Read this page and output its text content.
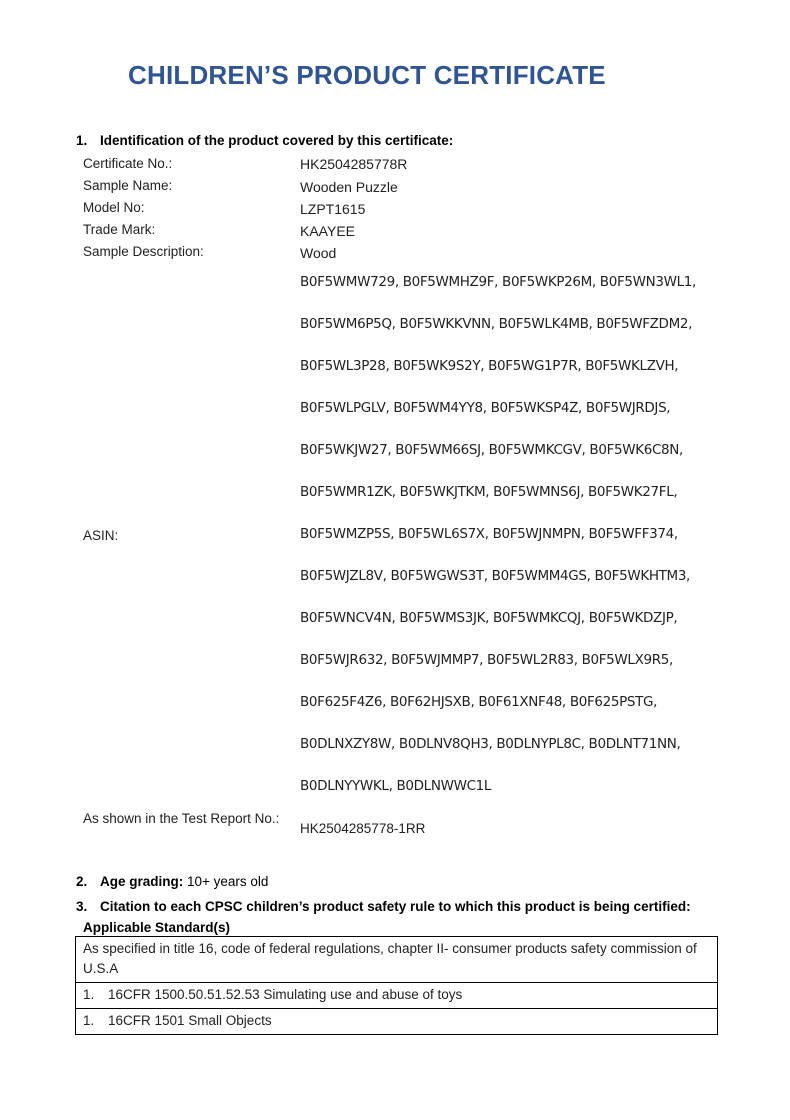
CHILDREN’S PRODUCT CERTIFICATE
1. Identification of the product covered by this certificate:
Certificate No.:	HK2504285778R
Sample Name:	Wooden Puzzle
Model No:	LZPT1615
Trade Mark:	KAAYEE
Sample Description:	Wood
ASIN:
B0F5WMW729, B0F5WMHZ9F, B0F5WKP26M, B0F5WN3WL1,
B0F5WM6P5Q, B0F5WKKVNN, B0F5WLK4MB, B0F5WFZDM2,
B0F5WL3P28, B0F5WK9S2Y, B0F5WG1P7R, B0F5WKLZVH,
B0F5WLPGLV, B0F5WM4YY8, B0F5WKSP4Z, B0F5WJRDJS,
B0F5WKJW27, B0F5WM66SJ, B0F5WMKCGV, B0F5WK6C8N,
B0F5WMR1ZK, B0F5WKJTKM, B0F5WMNS6J, B0F5WK27FL,
B0F5WMZP5S, B0F5WL6S7X, B0F5WJNMPN, B0F5WFF374,
B0F5WJZL8V, B0F5WGWS3T, B0F5WMM4GS, B0F5WKHTM3,
B0F5WNCV4N, B0F5WMS3JK, B0F5WMKCQJ, B0F5WKDZJP,
B0F5WJR632, B0F5WJMMP7, B0F5WL2R83, B0F5WLX9R5,
B0F625F4Z6, B0F62HJSXB, B0F61XNF48, B0F625PSTG,
B0DLNXZY8W, B0DLNV8QH3, B0DLNYPL8C, B0DLNT71NN,
B0DLNYYWKL, B0DLNWWC1L
As shown in the Test Report No.:
HK2504285778-1RR
2. Age grading: 10+ years old
3. Citation to each CPSC children’s product safety rule to which this product is being certified:
Applicable Standard(s)
As specified in title 16, code of federal regulations, chapter II- consumer products safety commission of U.S.A
1. 16CFR 1500.50.51.52.53 Simulating use and abuse of toys
1. 16CFR 1501 Small Objects
